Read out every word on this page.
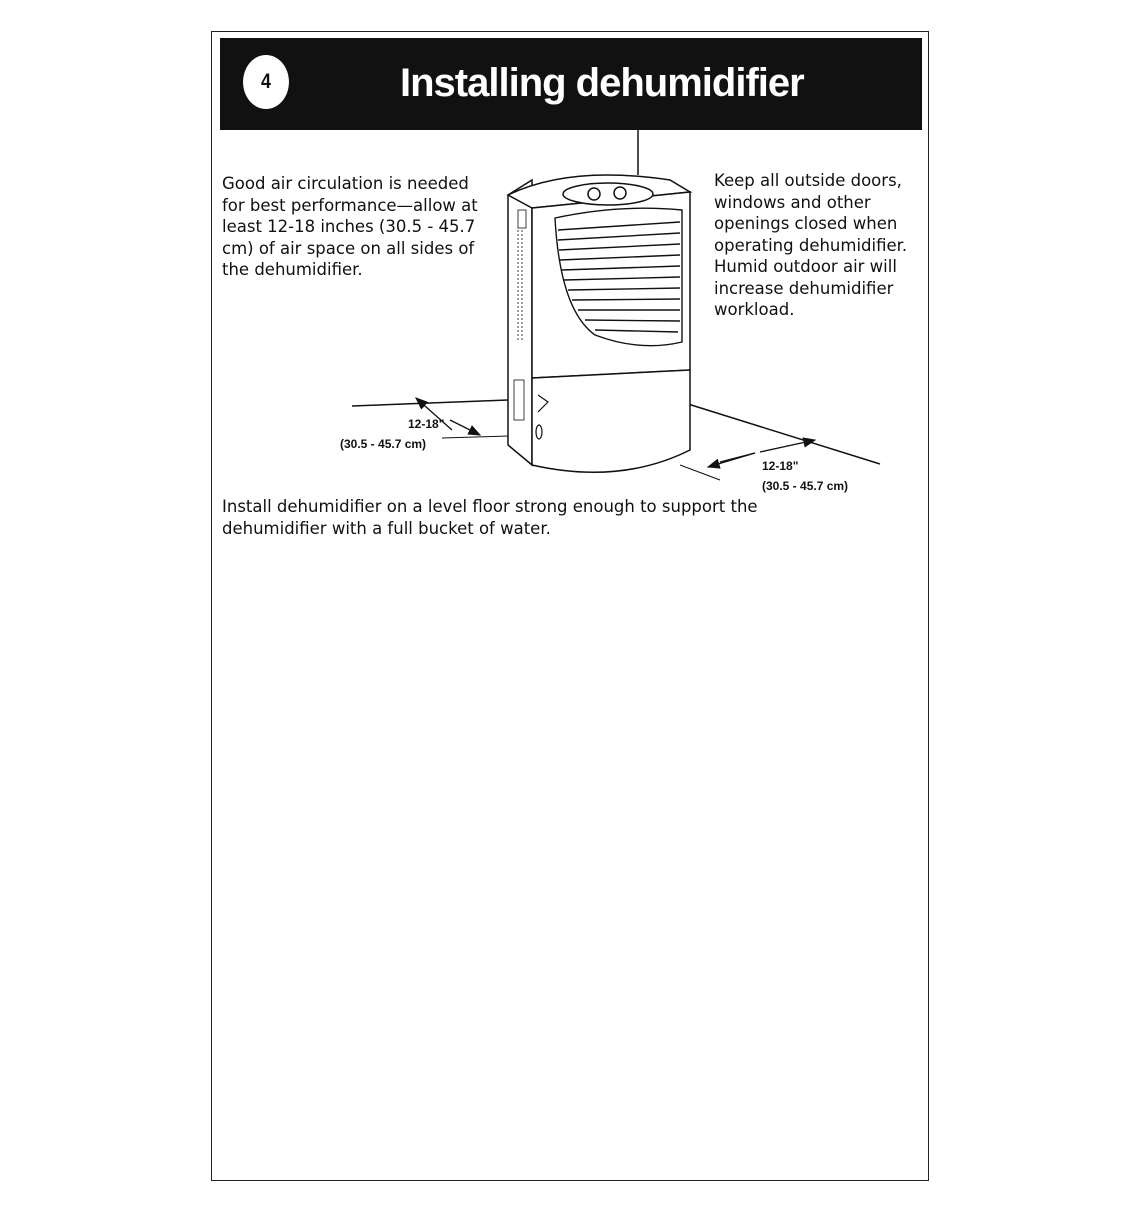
4	Installing dehumidifier

Good air circulation is needed for best performance—allow at least 12-18 inches (30.5 - 45.7 cm) of air space on all sides of the dehumidifier.

Keep all outside doors, windows and other openings closed when operating dehumidifier. Humid outdoor air will increase dehumidifier workload.

12-18"
(30.5 - 45.7 cm)
12-18"
(30.5 - 45.7 cm)

Install dehumidifier on a level floor strong enough to support the dehumidifier with a full bucket of water.
